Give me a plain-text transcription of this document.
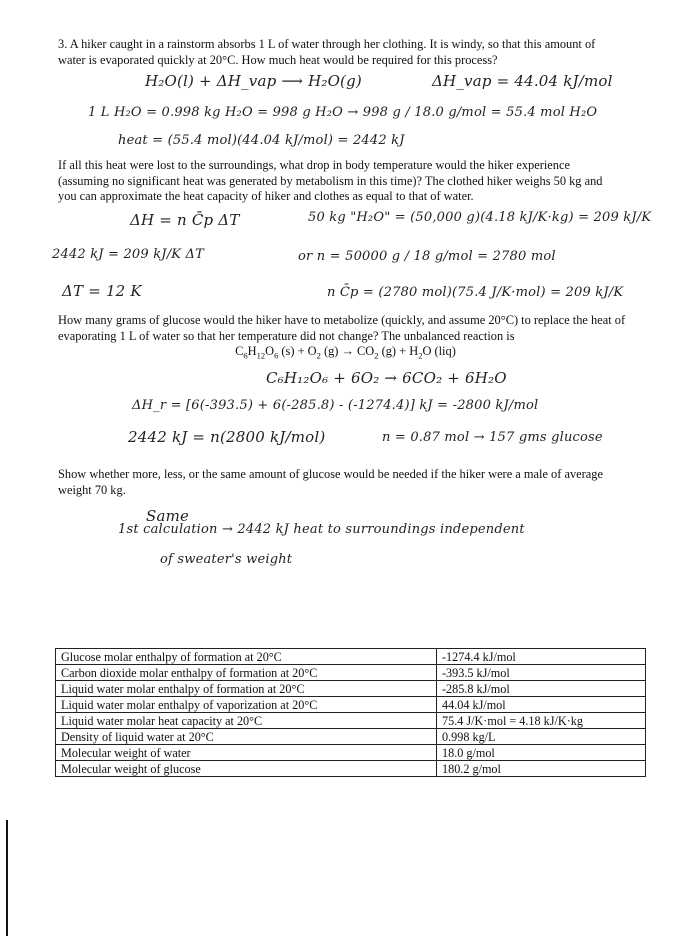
3. A hiker caught in a rainstorm absorbs 1 L of water through her clothing. It is windy, so that this amount of water is evaporated quickly at 20°C. How much heat would be required for this process?
H₂O(l) + ΔH_vap ⟶ H₂O(g)	ΔH_vap = 44.04 kJ/mol
1 L H₂O = 0.998 kg H₂O = 998 g H₂O → 998 g / 18.0 g/mol = 55.4 mol H₂O
heat = (55.4 mol)(44.04 kJ/mol) = 2442 kJ
If all this heat were lost to the surroundings, what drop in body temperature would the hiker experience (assuming no significant heat was generated by metabolism in this time)? The clothed hiker weighs 50 kg and you can approximate the heat capacity of hiker and clothes as equal to that of water.
ΔH = n C̄p ΔT	50 kg "H₂O" = (50,000 g)(4.18 kJ/K·kg) = 209 kJ/K
2442 kJ = 209 kJ/K ΔT	or n = 50000 g / 18 g/mol = 2780 mol
ΔT = 12 K	n C̄p = (2780 mol)(75.4 J/K·mol) = 209 kJ/K
How many grams of glucose would the hiker have to metabolize (quickly, and assume 20°C) to replace the heat of evaporating 1 L of water so that her temperature did not change? The unbalanced reaction is
$C_6H_{12}O_6$ $(s) + O_2$ $(g) \to CO_2$ $(g) + H_2O$ (liq)
C₆H₁₂O₆ + 6O₂ → 6CO₂ + 6H₂O
ΔH_r = [6(-393.5) + 6(-285.8) - (-1274.4)] kJ = -2800 kJ/mol
2442 kJ = n(2800 kJ/mol)	n = 0.87 mol → 157 gms glucose
Show whether more, less, or the same amount of glucose would be needed if the hiker were a male of average weight 70 kg.
Same
1st calculation → 2442 kJ heat to surroundings independent
of sweater's weight
Glucose molar enthalpy of formation at 20°C	-1274.4 kJ/mol
Carbon dioxide molar enthalpy of formation at 20°C	-393.5 kJ/mol
Liquid water molar enthalpy of formation at 20°C	-285.8 kJ/mol
Liquid water molar enthalpy of vaporization at 20°C	44.04 kJ/mol
Liquid water molar heat capacity at 20°C	75.4 J/K·mol = 4.18 kJ/K·kg
Density of liquid water at 20°C	0.998 kg/L
Molecular weight of water	18.0 g/mol
Molecular weight of glucose	180.2 g/mol
